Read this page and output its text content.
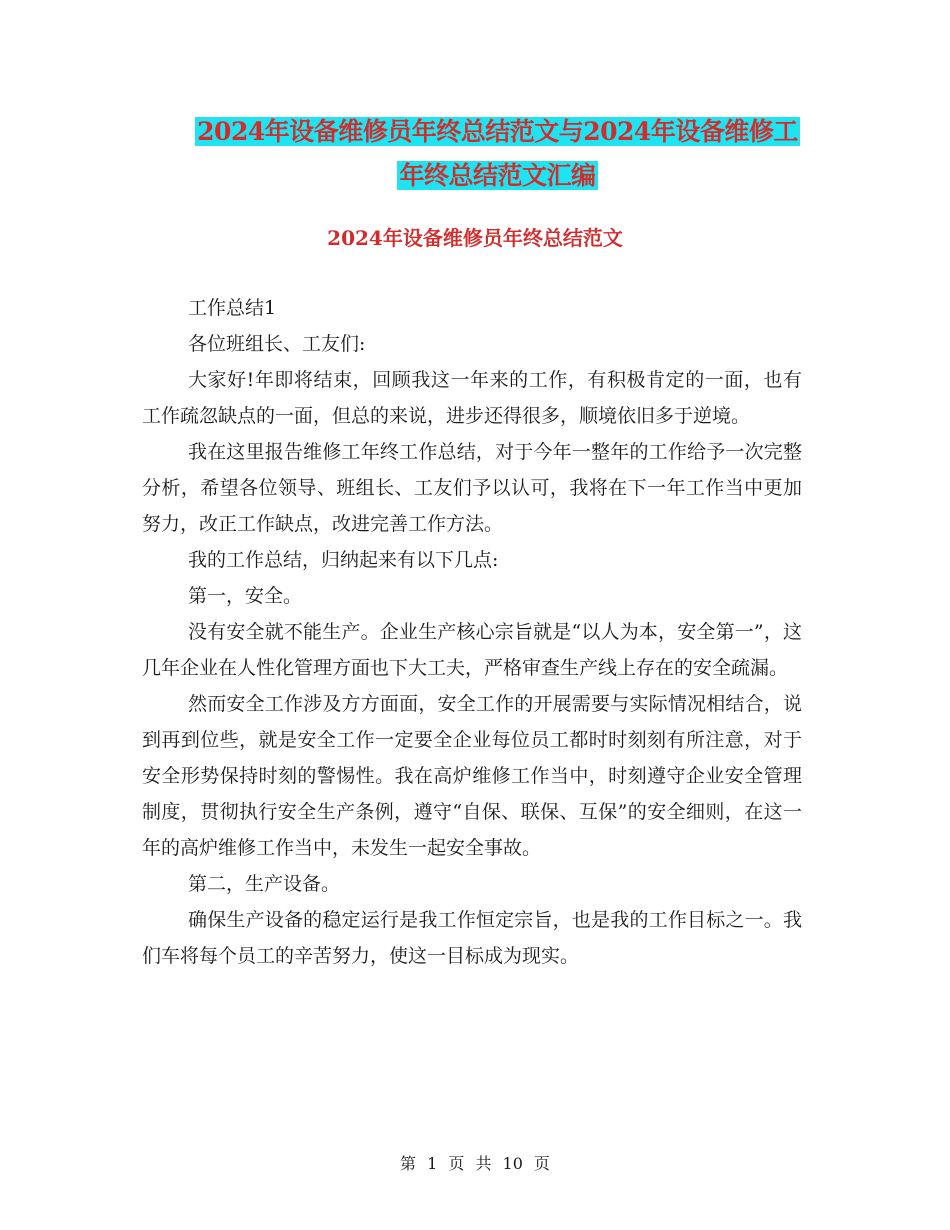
2024年设备维修员年终总结范文与2024年设备维修工
年终总结范文汇编
2024年设备维修员年终总结范文

工作总结1

各位班组长、工友们:

大家好!年即将结束，回顾我这一年来的工作，有积极肯定的一面，也有工作疏忽缺点的一面，但总的来说，进步还得很多，顺境依旧多于逆境。

我在这里报告维修工年终工作总结，对于今年一整年的工作给予一次完整分析，希望各位领导、班组长、工友们予以认可，我将在下一年工作当中更加努力，改正工作缺点，改进完善工作方法。

我的工作总结，归纳起来有以下几点:

第一，安全。

没有安全就不能生产。企业生产核心宗旨就是“以人为本，安全第一”，这几年企业在人性化管理方面也下大工夫，严格审查生产线上存在的安全疏漏。

然而安全工作涉及方方面面，安全工作的开展需要与实际情况相结合，说到再到位些，就是安全工作一定要全企业每位员工都时时刻刻有所注意，对于安全形势保持时刻的警惕性。我在高炉维修工作当中，时刻遵守企业安全管理制度，贯彻执行安全生产条例，遵守“自保、联保、互保”的安全细则，在这一年的高炉维修工作当中，未发生一起安全事故。

第二，生产设备。

确保生产设备的稳定运行是我工作恒定宗旨，也是我的工作目标之一。我们车将每个员工的辛苦努力，使这一目标成为现实。

第 1 页 共 10 页
